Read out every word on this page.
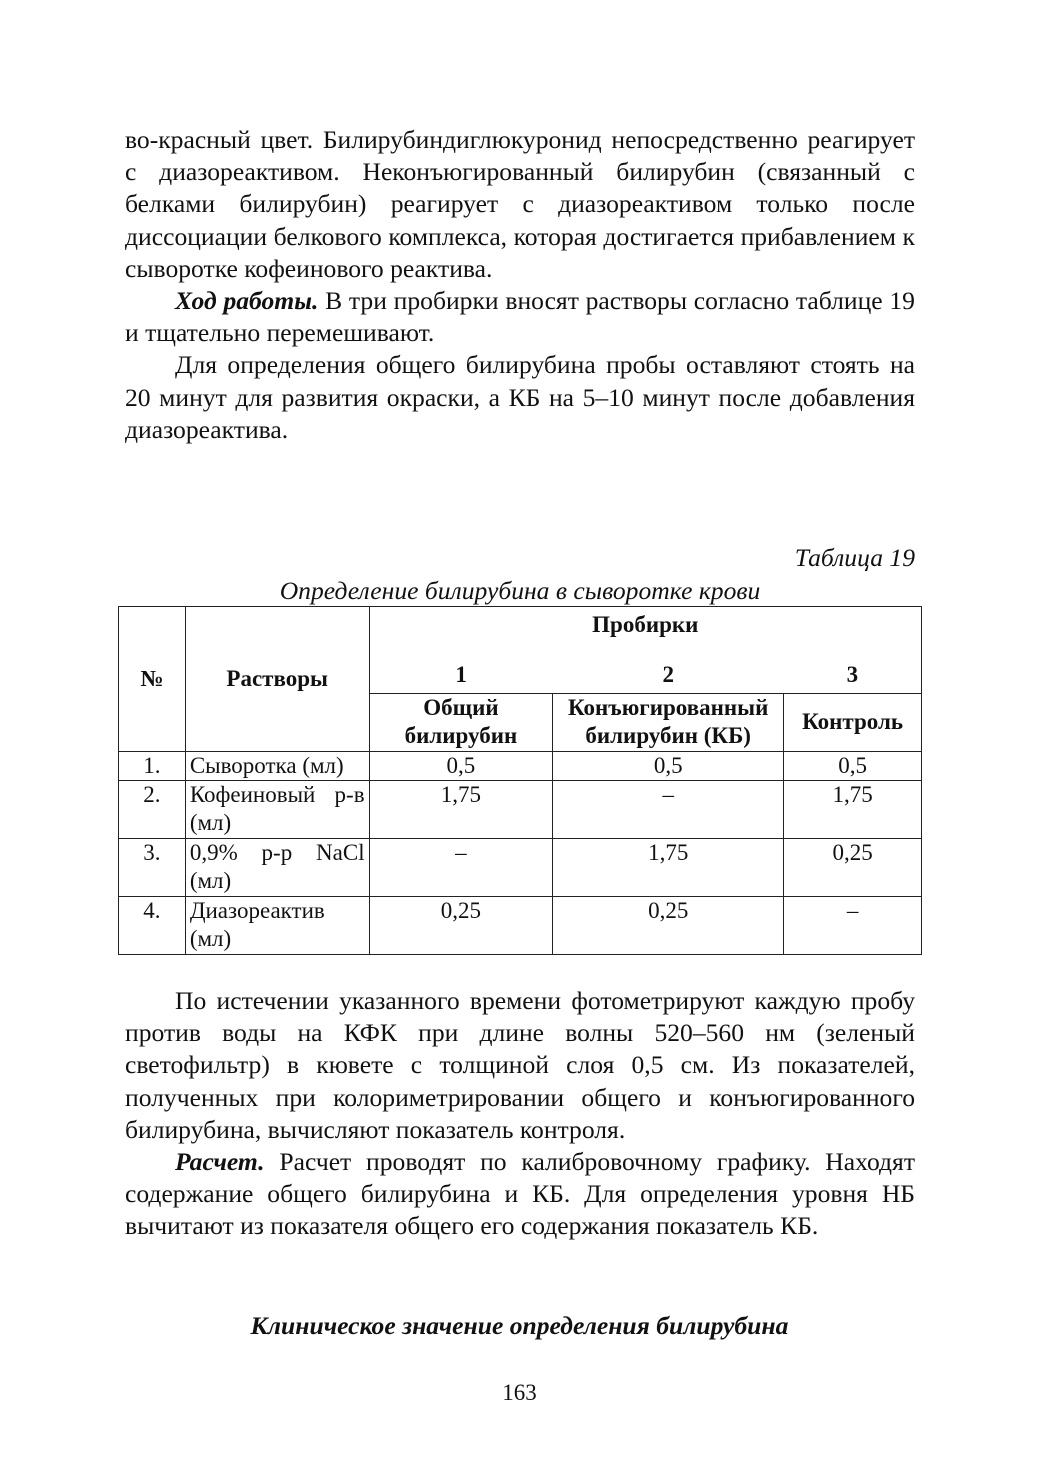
во-красный цвет. Билирубиндиглюкуронид непосредственно реагирует с диазореактивом. Неконъюгированный билирубин (связанный с белками билирубин) реагирует с диазореактивом только после диссоциации белкового комплекса, которая достигается прибавлением к сыворотке кофеинового реактива.

Ход работы. В три пробирки вносят растворы согласно таблице 19 и тщательно перемешивают.

Для определения общего билирубина пробы оставляют стоять на 20 минут для развития окраски, а КБ на 5–10 минут после добавления диазореактива.

Таблица 19
Определение билирубина в сыворотке крови
№	Растворы	Пробирки		

		1	2	3

		Общий билирубин	Конъюгированный билирубин (КБ)	Контроль
1.	Сыворотка (мл)	0,5	0,5	0,5
2.	Кофеиновый р-в (мл)	1,75	–	1,75
3.	0,9% р-р NaCl (мл)	–	1,75	0,25
4.	Диазореактив (мл)	0,25	0,25	–

По истечении указанного времени фотометрируют каждую пробу против воды на КФК при длине волны 520–560 нм (зеленый светофильтр) в кювете с толщиной слоя 0,5 см. Из показателей, полученных при колориметрировании общего и конъюгированного билирубина, вычисляют показатель контроля.

Расчет. Расчет проводят по калибровочному графику. Находят содержание общего билирубина и КБ. Для определения уровня НБ вычитают из показателя общего его содержания показатель КБ.

Клиническое значение определения билирубина
163
